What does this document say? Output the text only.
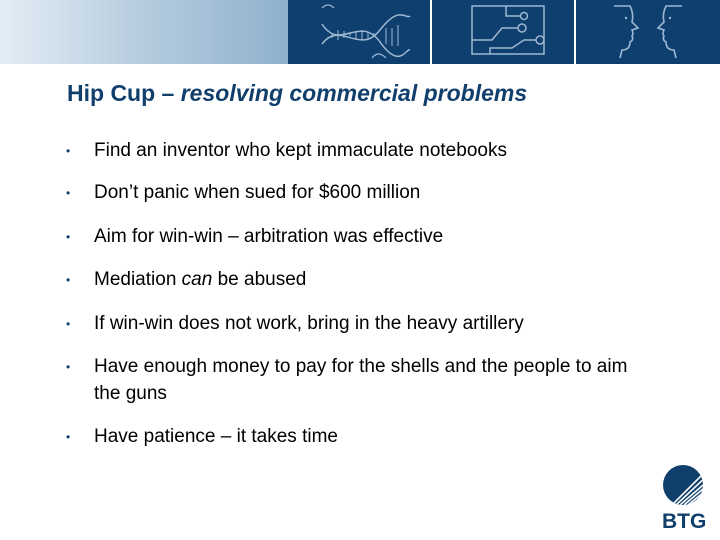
Hip Cup – resolving commercial problems
• Find an inventor who kept immaculate notebooks
• Don’t panic when sued for $600 million
• Aim for win-win – arbitration was effective
• Mediation can be abused
• If win-win does not work, bring in the heavy artillery
• Have enough money to pay for the shells and the people to aim the guns
• Have patience – it takes time
BTG
